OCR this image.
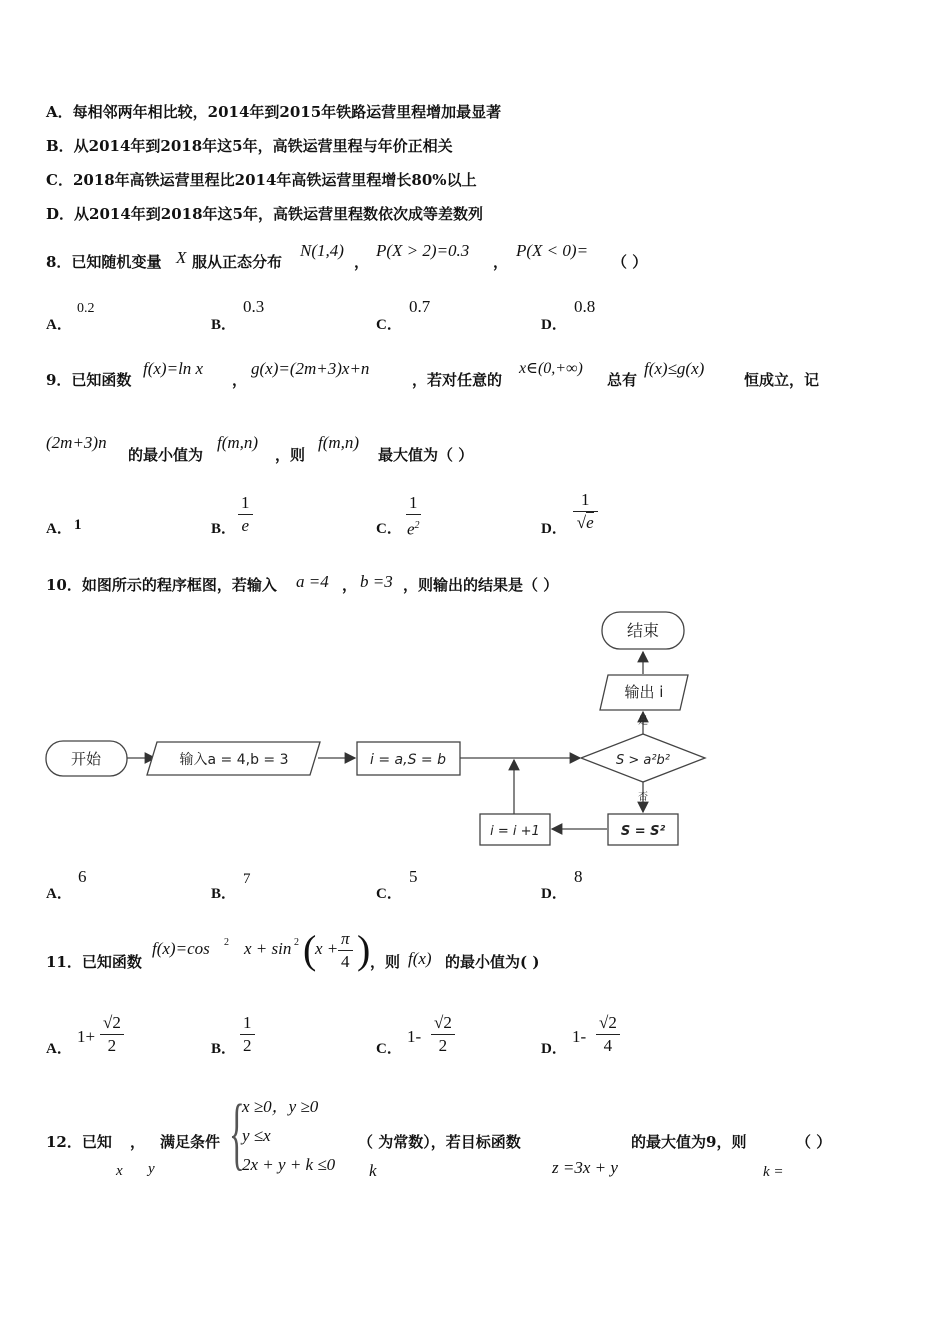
A．每相邻两年相比较，2014年到2015年铁路运营里程增加最显著
B．从2014年到2018年这5年，高铁运营里程与年价正相关
C．2018年高铁运营里程比2014年高铁运营里程增长80%以上
D．从2014年到2018年这5年，高铁运营里程数依次成等差数列
8．已知随机变量 X 服从正态分布
N(1,4)
，
P(X > 2)=0.3
，
P(X < 0)=
（ ）
A．
0.2
B．
0.3
C．
0.7
D．
0.8
9．已知函数
f(x)=ln x
，
g(x)=(2m+3)x+n
，若对任意的
x∈(0,+∞)
总有
f(x)≤g(x)
恒成立，记
(2m+3)n
的最小值为
f(m,n)
，则
f(m,n)
最大值为（ ）
A． 1	B． $\frac{1}{e}$	C． $\frac{1}{e^2}$	D． $\frac{1}{√e}$
10．如图所示的程序框图，若输入 a =4 ， b =3 ，则输出的结果是（ ）
开始	输入a = 4,b = 3	i = a,S = b	S > a²b²
是
否
输出 i
结束
S = S²
i = i +1
A．
6
B．
7
C．
5
D．
8
11．已知函数
f(x)=cos 2 x + sin 2 (
$x + \frac{\pi}{4}$ ) ，则 f(x) 的最小值为( )
A．
$1+ \frac{√2}{2}$	B． $\frac{1}{2}$	C．
$1- \frac{√2}{2}$	D．
$1- \frac{√2}{4}$
12．已知
x
，
y
满足条件 {
x ≥0，y ≥0
y ≤x
2x + y + k ≤0
（ 为常数），若目标函数
k	z =3x + y
的最大值为9，则
k =
（ ）
